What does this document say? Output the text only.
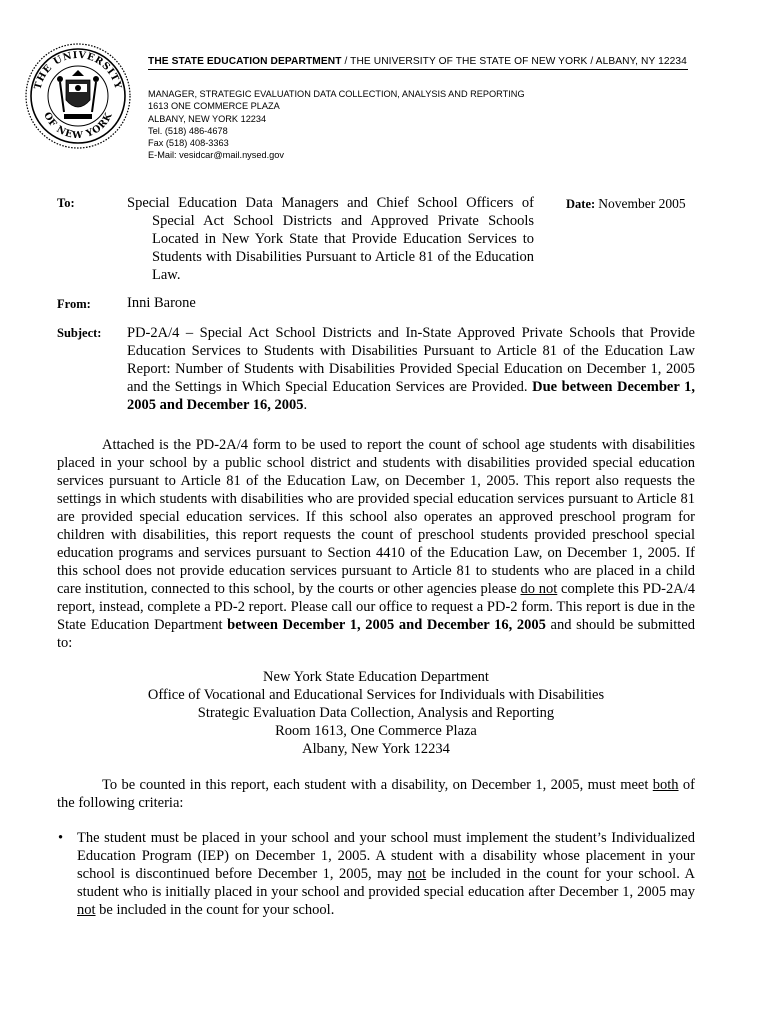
THE UNIVERSITY
OF NEW YORK
THE STATE EDUCATION DEPARTMENT / THE UNIVERSITY OF THE STATE OF NEW YORK / ALBANY, NY 12234
MANAGER, STRATEGIC EVALUATION DATA COLLECTION, ANALYSIS AND REPORTING
1613 ONE COMMERCE PLAZA
ALBANY, NEW YORK 12234
Tel. (518) 486-4678
Fax (518) 408-3363
E-Mail: vesidcar@mail.nysed.gov
To:	Special Education Data Managers and Chief School Officers of Special Act School Districts and Approved Private Schools Located in New York State that Provide Education Services to Students with Disabilities Pursuant to Article 81 of the Education Law.
Date: November 2005
From: Inni Barone
Subject: PD-2A/4 – Special Act School Districts and In-State Approved Private Schools that Provide Education Services to Students with Disabilities Pursuant to Article 81 of the Education Law Report: Number of Students with Disabilities Provided Special Education on December 1, 2005 and the Settings in Which Special Education Services are Provided. Due between December 1, 2005 and December 16, 2005.
Attached is the PD-2A/4 form to be used to report the count of school age students with disabilities placed in your school by a public school district and students with disabilities provided special education services pursuant to Article 81 of the Education Law, on December 1, 2005. This report also requests the settings in which students with disabilities who are provided special education services pursuant to Article 81 are provided special education services. If this school also operates an approved preschool program for children with disabilities, this report requests the count of preschool students provided preschool special education programs and services pursuant to Section 4410 of the Education Law, on December 1, 2005. If this school does not provide education services pursuant to Article 81 to students who are placed in a child care institution, connected to this school, by the courts or other agencies please do not complete this PD-2A/4 report, instead, complete a PD-2 report. Please call our office to request a PD-2 form. This report is due in the State Education Department between December 1, 2005 and December 16, 2005 and should be submitted to:
New York State Education Department
Office of Vocational and Educational Services for Individuals with Disabilities
Strategic Evaluation Data Collection, Analysis and Reporting
Room 1613, One Commerce Plaza
Albany, New York 12234
To be counted in this report, each student with a disability, on December 1, 2005, must meet both of the following criteria:
• The student must be placed in your school and your school must implement the student’s Individualized Education Program (IEP) on December 1, 2005. A student with a disability whose placement in your school is discontinued before December 1, 2005, may not be included in the count for your school. A student who is initially placed in your school and provided special education after December 1, 2005 may not be included in the count for your school.
